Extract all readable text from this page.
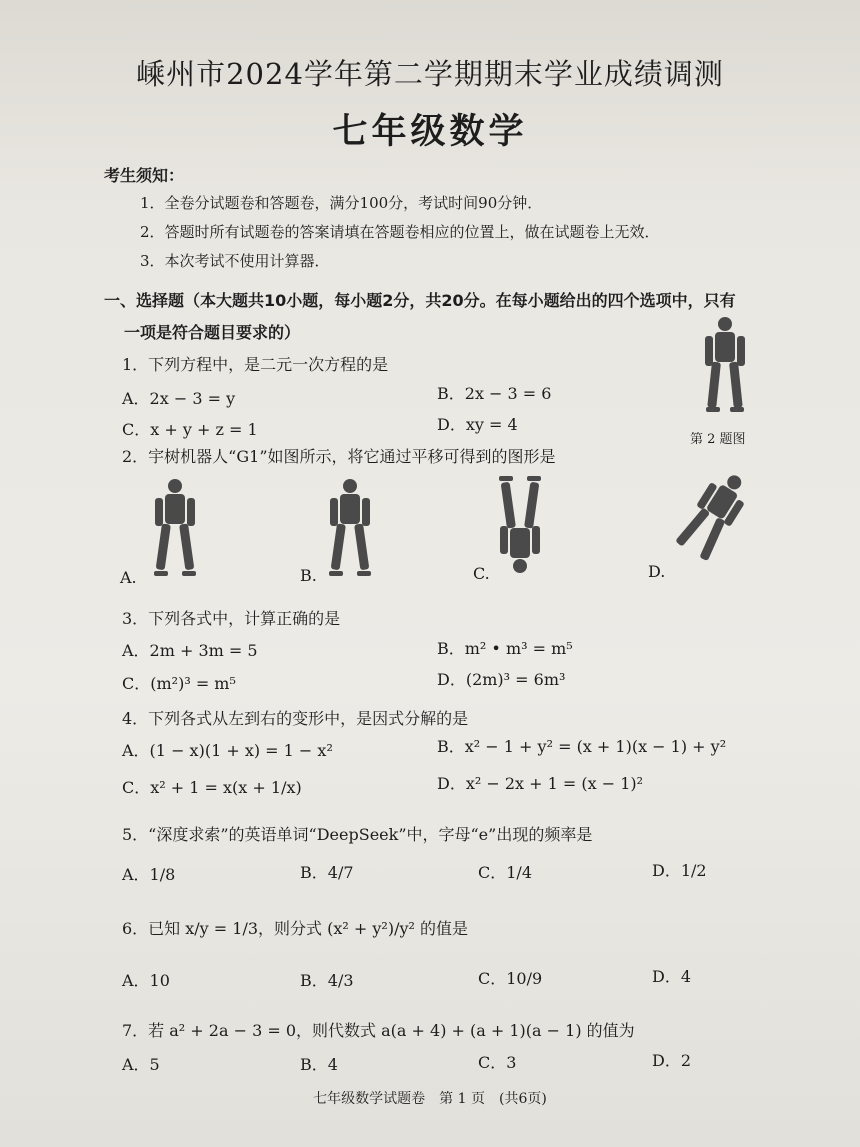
嵊州市2024学年第二学期期末学业成绩调测
七年级数学
考生须知：
1．全卷分试题卷和答题卷，满分100分，考试时间90分钟．
2．答题时所有试题卷的答案请填在答题卷相应的位置上，做在试题卷上无效．
3．本次考试不使用计算器．
一、选择题（本大题共10小题，每小题2分，共20分。在每小题给出的四个选项中，只有
一项是符合题目要求的）
1．下列方程中，是二元一次方程的是
A．2x − 3 = y	B．2x − 3 = 6
C．x + y + z = 1	D．xy = 4
第 2 题图
2．宇树机器人“G1”如图所示，将它通过平移可得到的图形是
A.	B.	C.	D.
3．下列各式中，计算正确的是
A．2m + 3m = 5	B．m² • m³ = m⁵
C．(m²)³ = m⁵	D．(2m)³ = 6m³
4．下列各式从左到右的变形中，是因式分解的是
A．(1 − x)(1 + x) = 1 − x²	B．x² − 1 + y² = (x + 1)(x − 1) + y²
C．x² + 1 = x(x + 1/x)	D．x² − 2x + 1 = (x − 1)²
5．“深度求索”的英语单词“DeepSeek”中，字母“e”出现的频率是
A．1/8	B．4/7	C．1/4	D．1/2
6．已知 x/y = 1/3，则分式 (x² + y²)/y² 的值是
A．10	B．4/3	C．10/9	D．4
7．若 a² + 2a − 3 = 0，则代数式 a(a + 4) + (a + 1)(a − 1) 的值为
A．5	B．4	C．3	D．2
七年级数学试题卷　第 1 页　(共6页)
